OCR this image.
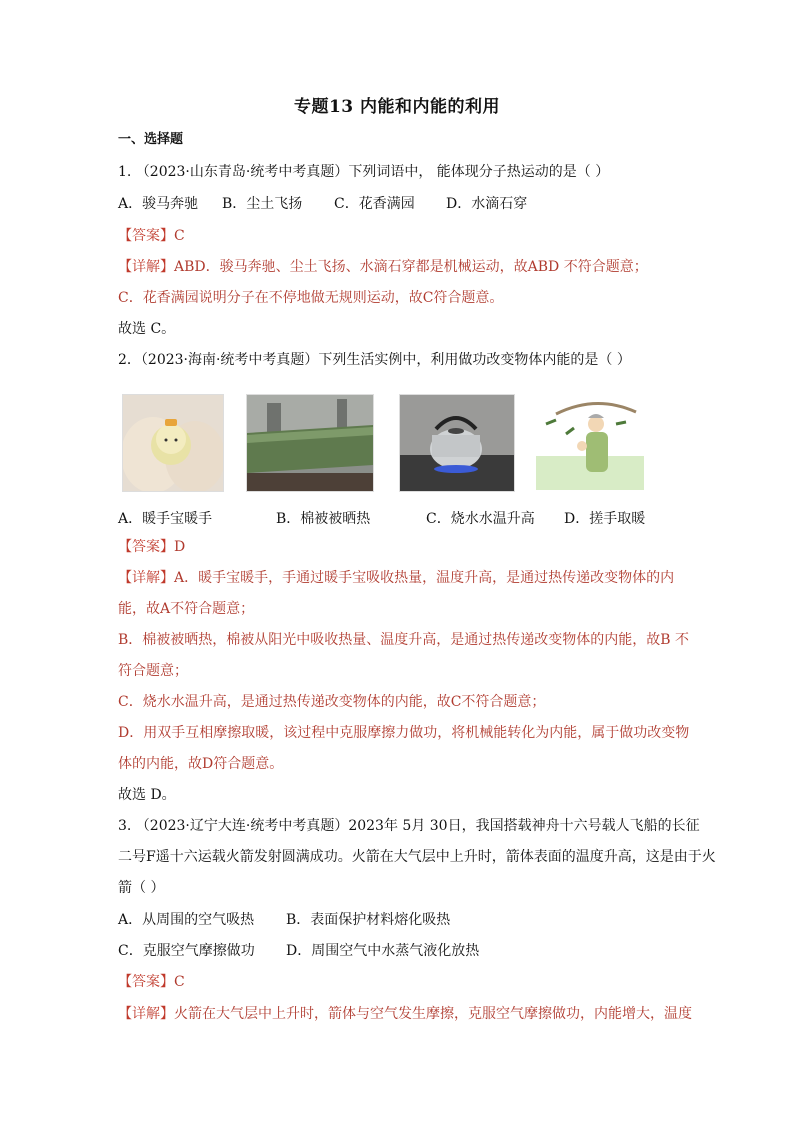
专题13 内能和内能的利用
一、选择题
1. （2023·山东青岛·统考中考真题）下列词语中， 能体现分子热运动的是（ ）
A．骏马奔驰 B．尘土飞扬 C．花香满园 D．水滴石穿
【答案】C
【详解】ABD．骏马奔驰、尘土飞扬、水滴石穿都是机械运动，故ABD 不符合题意；
C．花香满园说明分子在不停地做无规则运动，故C符合题意。
故选 C。
2．（2023·海南·统考中考真题）下列生活实例中，利用做功改变物体内能的是（ ）
A．暖手宝暖手	B．棉被被晒热	C．烧水水温升高 D．搓手取暖
【答案】D
【详解】A．暖手宝暖手，手通过暖手宝吸收热量，温度升高，是通过热传递改变物体的内
能，故A不符合题意；
B．棉被被晒热，棉被从阳光中吸收热量、温度升高，是通过热传递改变物体的内能，故B 不
符合题意；
C．烧水水温升高，是通过热传递改变物体的内能，故C不符合题意；
D．用双手互相摩擦取暖，该过程中克服摩擦力做功，将机械能转化为内能，属于做功改变物
体的内能，故D符合题意。
故选 D。
3. （2023·辽宁大连·统考中考真题）2023年 5月 30日，我国搭载神舟十六号载人飞船的长征
二号F遥十六运载火箭发射圆满成功。火箭在大气层中上升时，箭体表面的温度升高，这是由于火
箭（ ）
A．从周围的空气吸热 B．表面保护材料熔化吸热
C．克服空气摩擦做功 D．周围空气中水蒸气液化放热
【答案】C
【详解】火箭在大气层中上升时，箭体与空气发生摩擦，克服空气摩擦做功，内能增大，温度
